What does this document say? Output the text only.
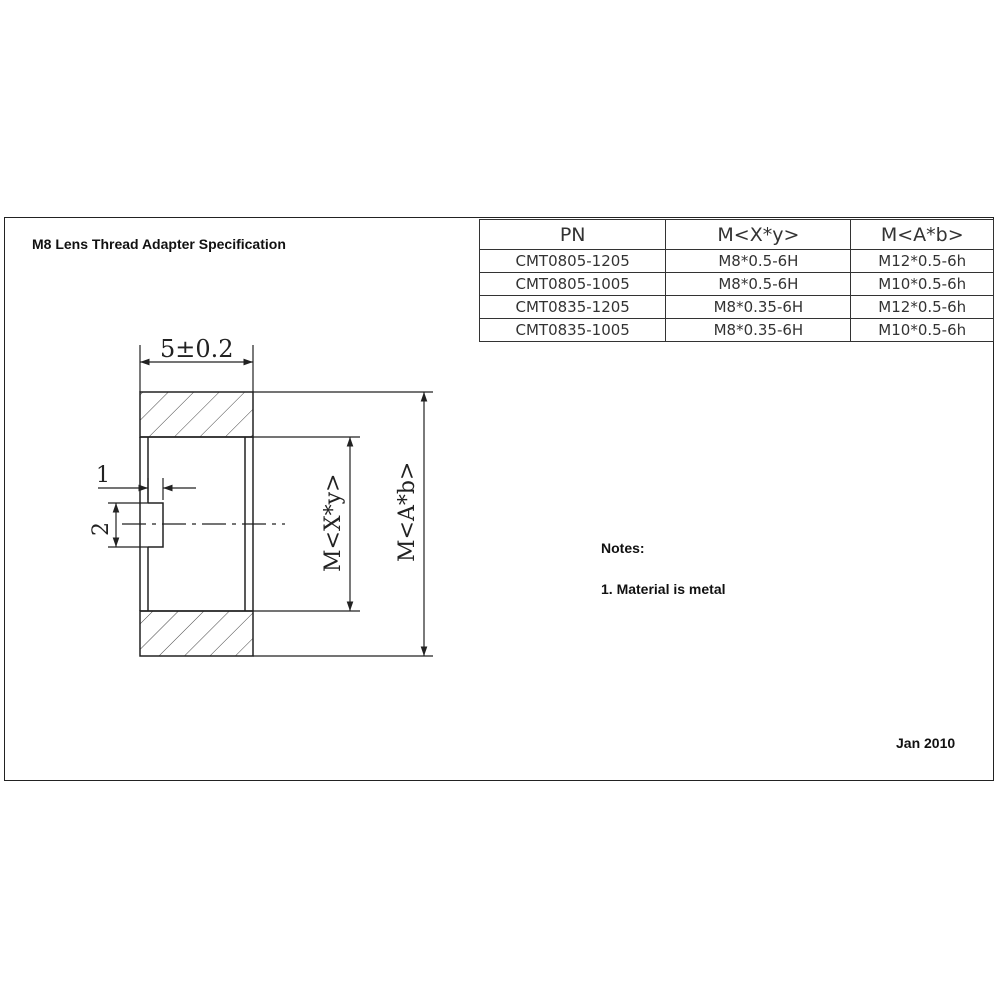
M8 Lens Thread Adapter Specification	PN	M<X*y>	M<A*b>
CMT0805-1205	M8*0.5-6H	M12*0.5-6h
CMT0805-1005	M8*0.5-6H	M10*0.5-6h
CMT0835-1205	M8*0.35-6H	M12*0.5-6h
CMT0835-1005	M8*0.35-6H	M10*0.5-6h
5±0.2
1
2	M<X*y> M<A*b>	Notes:
1. Material is metal
Jan 2010
